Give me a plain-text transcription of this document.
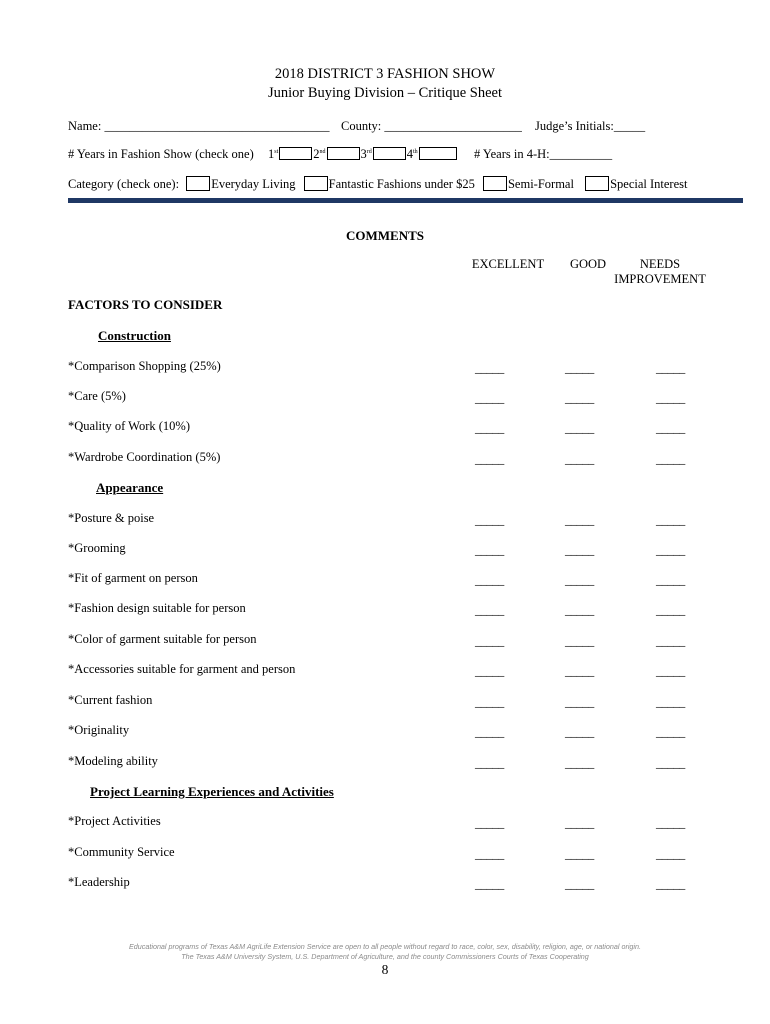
2018 DISTRICT 3 FASHION SHOW
Junior Buying Division – Critique Sheet
Name: ____________________________________ County: ______________________ Judge’s Initials:_____
# Years in Fashion Show (check one) 1st	2nd	3rd	4th	# Years in 4-H:__________
Category (check one):	Everyday Living	Fantastic Fashions under $25	Semi-Formal	Special Interest
COMMENTS
EXCELLENT	GOOD	NEEDS
IMPROVEMENT
FACTORS TO CONSIDER
Construction
Appearance
Project Learning Experiences and Activities
*Comparison Shopping (25%)	_____	_____	_____
*Care (5%)	_____	_____	_____
*Quality of Work (10%)	_____	_____	_____
*Wardrobe Coordination (5%)	_____	_____	_____
*Posture & poise	_____	_____	_____
*Grooming	_____	_____	_____
*Fit of garment on person	_____	_____	_____
*Fashion design suitable for person	_____	_____	_____
*Color of garment suitable for person	_____	_____	_____
*Accessories suitable for garment and person	_____	_____	_____
*Current fashion	_____	_____	_____
*Originality	_____	_____	_____
*Modeling ability	_____	_____	_____
*Project Activities	_____	_____	_____
*Community Service	_____	_____	_____
*Leadership	_____	_____	_____
Educational programs of Texas A&M AgriLife Extension Service are open to all people without regard to race, color, sex, disability, religion, age, or national origin.
The Texas A&M University System, U.S. Department of Agriculture, and the county Commissioners Courts of Texas Cooperating
8
